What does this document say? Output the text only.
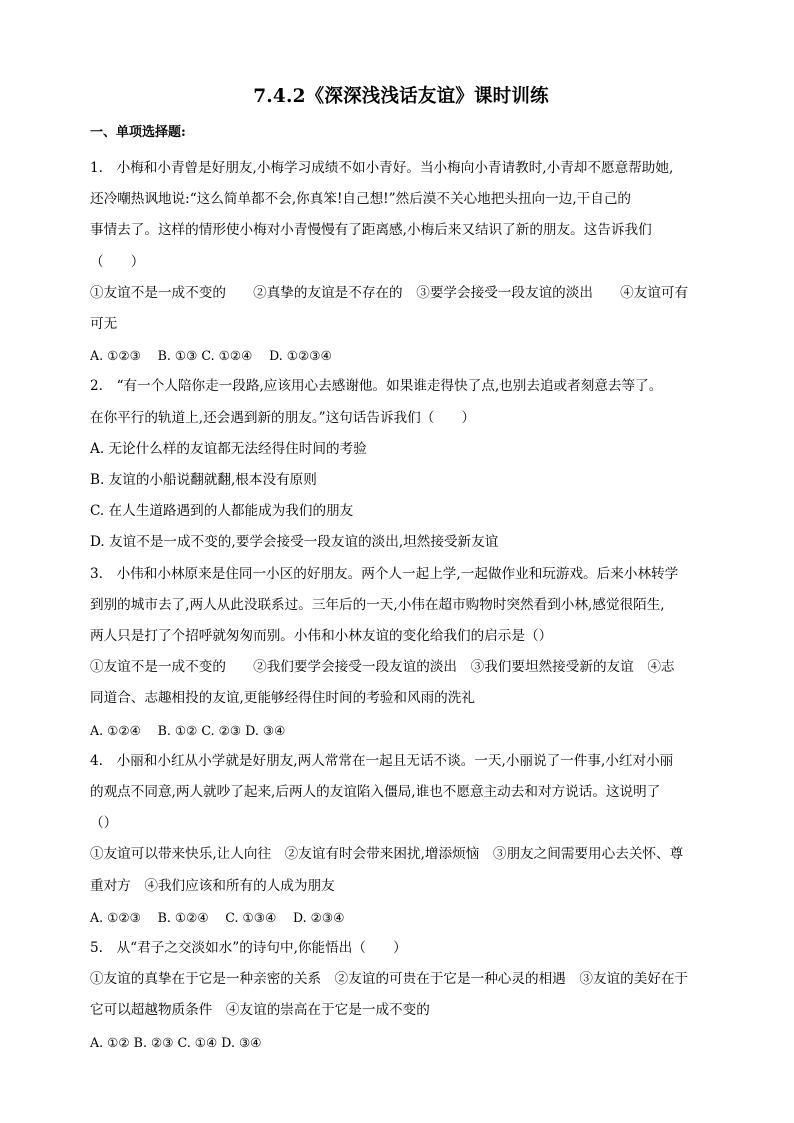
7.4.2《深深浅浅话友谊》课时训练
一、单项选择题:

1.　小梅和小青曾是好朋友,小梅学习成绩不如小青好。当小梅向小青请教时,小青却不愿意帮助她,

还冷嘲热讽地说:“这么简单都不会,你真笨!自己想!”然后漠不关心地把头扭向一边,干自己的

事情去了。这样的情形使小梅对小青慢慢有了距离感,小梅后来又结识了新的朋友。这告诉我们

（　　）

①友谊不是一成不变的　　②真挚的友谊是不存在的　③要学会接受一段友谊的淡出　　④友谊可有

可无

A. ①②③　 B. ①③ C. ①②④　 D. ①②③④

2.　“有一个人陪你走一段路,应该用心去感谢他。如果谁走得快了点,也别去追或者刻意去等了。

在你平行的轨道上,还会遇到新的朋友。”这句话告诉我们（　　）

A. 无论什么样的友谊都无法经得住时间的考验

B. 友谊的小船说翻就翻,根本没有原则

C. 在人生道路遇到的人都能成为我们的朋友

D. 友谊不是一成不变的,要学会接受一段友谊的淡出,坦然接受新友谊

3.　小伟和小林原来是住同一小区的好朋友。两个人一起上学,一起做作业和玩游戏。后来小林转学

到别的城市去了,两人从此没联系过。三年后的一天,小伟在超市购物时突然看到小林,感觉很陌生,

两人只是打了个招呼就匆匆而别。小伟和小林友谊的变化给我们的启示是（）

①友谊不是一成不变的　　②我们要学会接受一段友谊的淡出　③我们要坦然接受新的友谊　④志

同道合、志趣相投的友谊,更能够经得住时间的考验和风雨的洗礼

A. ①②④　 B. ①② C. ②③ D. ③④

4.　小丽和小红从小学就是好朋友,两人常常在一起且无话不谈。一天,小丽说了一件事,小红对小丽

的观点不同意,两人就吵了起来,后两人的友谊陷入僵局,谁也不愿意主动去和对方说话。这说明了

（）

①友谊可以带来快乐,让人向往　②友谊有时会带来困扰,增添烦恼　③朋友之间需要用心去关怀、尊

重对方　④我们应该和所有的人成为朋友

A. ①②③　 B. ①②④　 C. ①③④　 D. ②③④

5.　从“君子之交淡如水”的诗句中,你能悟出（　　）

①友谊的真挚在于它是一种亲密的关系　②友谊的可贵在于它是一种心灵的相遇　③友谊的美好在于

它可以超越物质条件　④友谊的崇高在于它是一成不变的

A. ①② B. ②③ C. ①④ D. ③④
